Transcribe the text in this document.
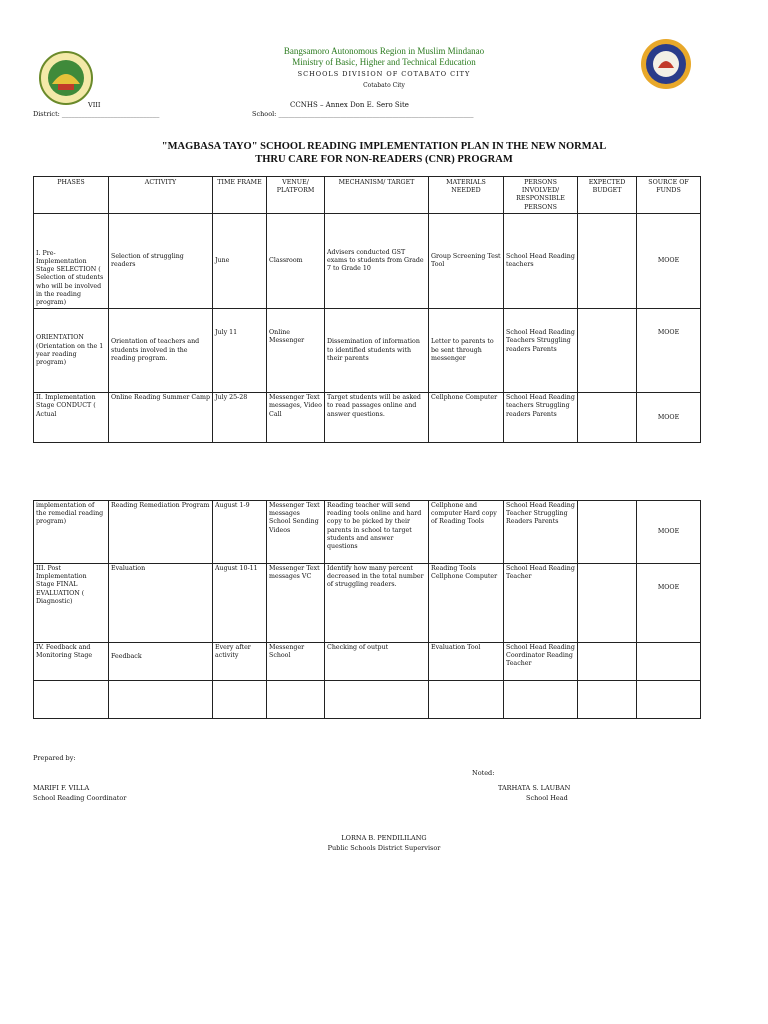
Bangsamoro Autonomous Region in Muslim Mindanao
Ministry of Basic, Higher and Technical Education
SCHOOLS DIVISION OF COTABATO CITY
Cotabato City
VIII	CCNHS – Annex Don E. Sero Site
District: ______________________________	School: ____________________________________________________________
"MAGBASA TAYO" SCHOOL READING IMPLEMENTATION PLAN IN THE NEW NORMAL
THRU CARE FOR NON-READERS (CNR) PROGRAM
PHASES	ACTIVITY	TIME FRAME	VENUE/ PLATFORM	MECHANISM/ TARGET	MATERIALS NEEDED	PERSONS INVOLVED/ RESPONSIBLE PERSONS	EXPECTED BUDGET	SOURCE OF FUNDS
I. Pre-Implementation Stage SELECTION ( Selection of students who will be involved in the reading program)	Selection of struggling readers	June	Classroom	Advisers conducted GST exams to students from Grade 7 to Grade 10	Group Screening Test Tool	School Head Reading teachers		MOOE
ORIENTATION (Orientation on the 1 year reading program)	Orientation of teachers and students involved in the reading program.	July 11	Online Messenger	Dissemination of information to identified students with their parents	Letter to parents to be sent through messenger	School Head Reading Teachers Struggling readers Parents		MOOE
II. Implementation Stage CONDUCT ( Actual	Online Reading Summer Camp	July 25-28	Messenger Text messages, Video Call	Target students will be asked to read passages online and answer questions.	Cellphone Computer	School Head Reading teachers Struggling readers Parents		MOOE
implementation of the remedial reading program)	Reading Remediation Program	August 1-9	Messenger Text messages School Sending Videos	Reading teacher will send reading tools online and hard copy to be picked by their parents in school to target students and answer questions	Cellphone and computer Hard copy of Reading Tools	School Head Reading Teacher Struggling Readers Parents		MOOE
III. Post Implementation Stage FINAL EVALUATION ( Diagnostic)	Evaluation	August 10-11	Messenger Text messages VC	Identify how many percent decreased in the total number of struggling readers.	Reading Tools Cellphone Computer	School Head Reading Teacher		MOOE
IV. Feedback and Monitoring Stage	Feedback	Every after activity	Messenger School	Checking of output	Evaluation Tool	School Head Reading Coordinator Reading Teacher		

Prepared by:
Noted:
MARIFI F. VILLA
School Reading Coordinator
TARHATA S. LAUBAN
School Head
LORNA B. PENDILILANG
Public Schools District Supervisor
